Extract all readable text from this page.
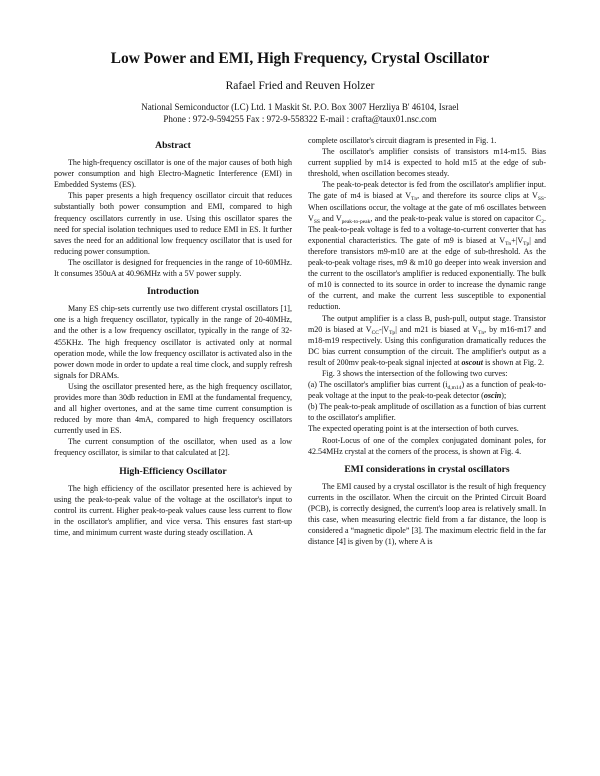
Low Power and EMI, High Frequency, Crystal Oscillator
Rafael Fried and Reuven Holzer
National Semiconductor (LC) Ltd. 1 Maskit St. P.O. Box 3007 Herzliya B' 46104, Israel
Phone : 972-9-594255 Fax : 972-9-558322 E-mail : crafta@taux01.nsc.com
Abstract

The high-frequency oscillator is one of the major causes of both high power consumption and high Electro-Magnetic Interference (EMI) in Embedded Systems (ES).

This paper presents a high frequency oscillator circuit that reduces substantially both power consumption and EMI, compared to high frequency oscillators currently in use. Using this oscillator spares the need for special isolation techniques used to reduce EMI in ES. It further saves the need for an additional low frequency oscillator that is used for reducing power consumption.

The oscillator is designed for frequencies in the range of 10-60MHz. It consumes 350uA at 40.96MHz with a 5V power supply.

Introduction

Many ES chip-sets currently use two different crystal oscillators [1], one is a high frequency oscillator, typically in the range of 20-40MHz, and the other is a low frequency oscillator, typically in the range of 32-455KHz. The high frequency oscillator is activated only at normal operation mode, while the low frequency oscillator is activated also in the power down mode in order to update a real time clock, and supply refresh signals for DRAMs.

Using the oscillator presented here, as the high frequency oscillator, provides more than 30db reduction in EMI at the fundamental frequency, and all higher overtones, and at the same time current consumption is reduced by more than 4mA, compared to high frequency oscillators currently used in ES.

The current consumption of the oscillator, when used as a low frequency oscillator, is similar to that calculated at [2].

High-Efficiency Oscillator

The high efficiency of the oscillator presented here is achieved by using the peak-to-peak value of the voltage at the oscillator's input to control its current. Higher peak-to-peak values cause less current to flow in the oscillator's amplifier, and vice versa. This ensures fast start-up time, and minimum current waste during steady oscillation. A

complete oscillator's circuit diagram is presented in Fig. 1.

The oscillator's amplifier consists of transistors m14-m15. Bias current supplied by m14 is expected to hold m15 at the edge of sub-threshold, when oscillation becomes steady.

The peak-to-peak detector is fed from the oscillator's amplifier input. The gate of m4 is biased at $V_{Tn}$, and therefore its source clips at $V_{SS}$. When oscillations occur, the voltage at the gate of m6 oscillates between $V_{SS}$ and $V_{peak-to-peak}$, and the peak-to-peak value is stored on capacitor $C_2$. The peak-to-peak voltage is fed to a voltage-to-current converter that has exponential characteristics. The gate of m9 is biased at $V_{Tn}+|V_{Tp}|$ and therefore transistors m9-m10 are at the edge of sub-threshold. As the peak-to-peak voltage rises, m9 & m10 go deeper into weak inversion and the current to the oscillator's amplifier is reduced exponentially. The bulk of m10 is connected to its source in order to increase the dynamic range of the current, and make the current less susceptible to exponential reduction.

The output amplifier is a class B, push-pull, output stage. Transistor m20 is biased at $V_{CC}-|V_{Tp}|$ and m21 is biased at $V_{Tn}$, by m16-m17 and m18-m19 respectively. Using this configuration dramatically reduces the DC bias current consumption of the circuit. The amplifier's output as a result of 200mv peak-to-peak signal injected at oscout is shown at Fig. 2.

Fig. 3 shows the intersection of the following two curves:

(a) The oscillator's amplifier bias current $(i_{d,m14})$ as a function of peak-to-peak voltage at the input to the peak-to-peak detector (oscin);

(b) The peak-to-peak amplitude of oscillation as a function of bias current to the oscillator's amplifier.

The expected operating point is at the intersection of both curves.

Root-Locus of one of the complex conjugated dominant poles, for 42.54MHz crystal at the corners of the process, is shown at Fig. 4.

EMI considerations in crystal oscillators

The EMI caused by a crystal oscillator is the result of high frequency currents in the oscillator. When the circuit on the Printed Circuit Board (PCB), is correctly designed, the current's loop area is relatively small. In this case, when measuring electric field from a far distance, the loop is considered a “magnetic dipole” [3]. The maximum electric field in the far distance [4] is given by (1), where A is
